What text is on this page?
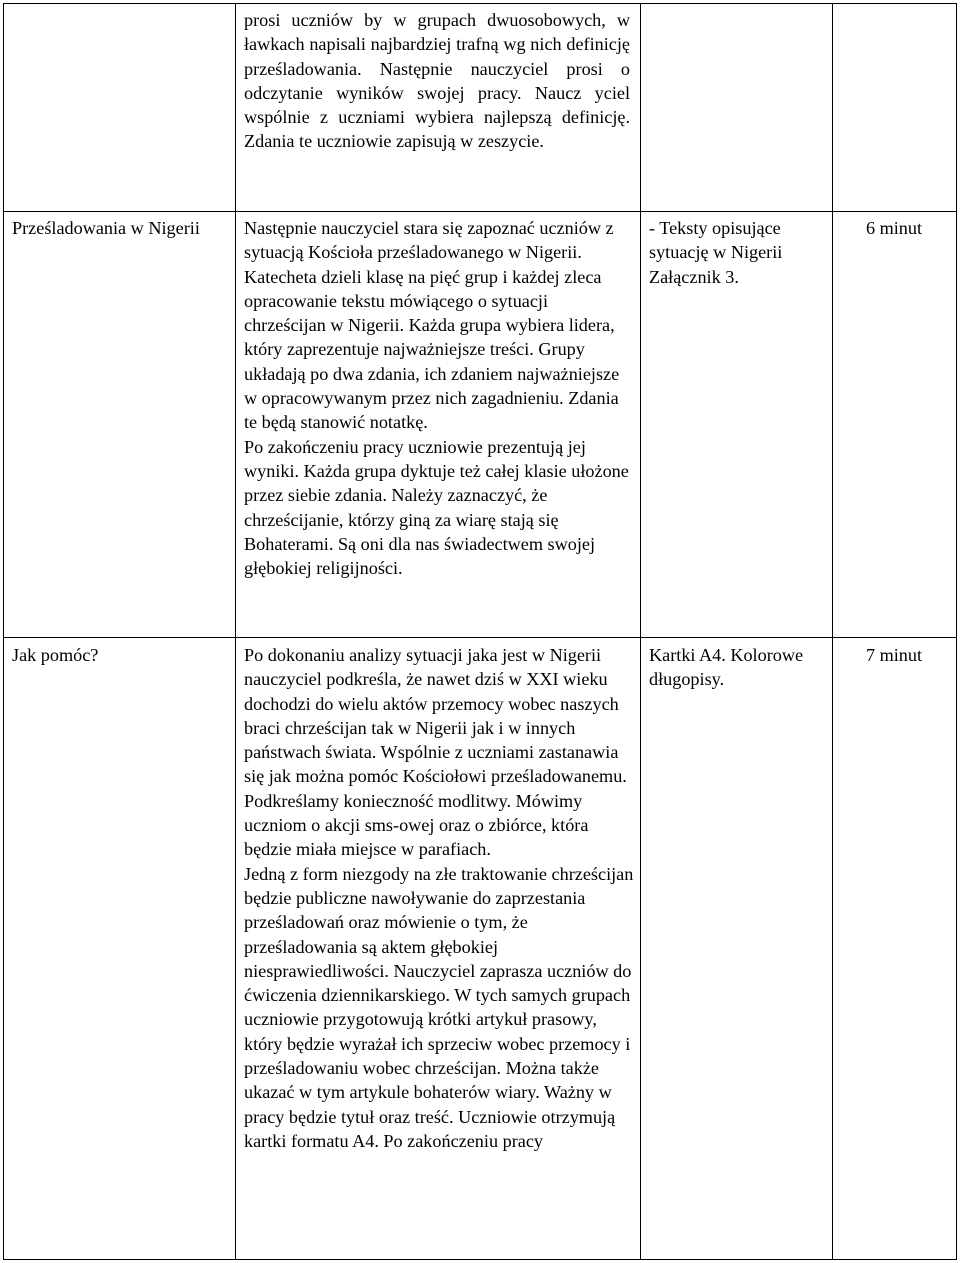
prosi uczniów by w grupach dwuosobowych, w ławkach napisali najbardziej trafną wg nich definicję prześladowania. Następnie nauczyciel prosi o odczytanie wyników swojej pracy. Naucz yciel wspólnie z uczniami wybiera najlepszą definicję. Zdania te uczniowie zapisują w zeszycie.

Prześladowania w Nigerii	Następnie nauczyciel stara się zapoznać uczniów z sytuacją Kościoła prześladowanego w Nigerii. Katecheta dzieli klasę na pięć grup i każdej zleca opracowanie tekstu mówiącego o sytuacji chrześcijan w Nigerii. Każda grupa wybiera lidera, który zaprezentuje najważniejsze treści. Grupy układają po dwa zdania, ich zdaniem najważniejsze w opracowywanym przez nich zagadnieniu. Zdania te będą stanowić notatkę.

Po zakończeniu pracy uczniowie prezentują jej wyniki. Każda grupa dyktuje też całej klasie ułożone przez siebie zdania. Należy zaznaczyć, że chrześcijanie, którzy giną za wiarę stają się Bohaterami. Są oni dla nas świadectwem swojej głębokiej religijności.

- Teksty opisujące sytuację w Nigerii Załącznik 3.

6 minut

Jak pomóc?	Po dokonaniu analizy sytuacji jaka jest w Nigerii nauczyciel podkreśla, że nawet dziś w XXI wieku dochodzi do wielu aktów przemocy wobec naszych braci chrześcijan tak w Nigerii jak i w innych państwach świata. Wspólnie z uczniami zastanawia się jak można pomóc Kościołowi prześladowanemu. Podkreślamy konieczność modlitwy. Mówimy uczniom o akcji sms-owej oraz o zbiórce, która będzie miała miejsce w parafiach.

Jedną z form niezgody na złe traktowanie chrześcijan będzie publiczne nawoływanie do zaprzestania prześladowań oraz mówienie o tym, że prześladowania są aktem głębokiej niesprawiedliwości. Nauczyciel zaprasza uczniów do ćwiczenia dziennikarskiego. W tych samych grupach uczniowie przygotowują krótki artykuł prasowy, który będzie wyrażał ich sprzeciw wobec przemocy i prześladowaniu wobec chrześcijan. Można także ukazać w tym artykule bohaterów wiary. Ważny w pracy będzie tytuł oraz treść. Uczniowie otrzymują kartki formatu A4. Po zakończeniu pracy

Kartki A4. Kolorowe długopisy.

7 minut
